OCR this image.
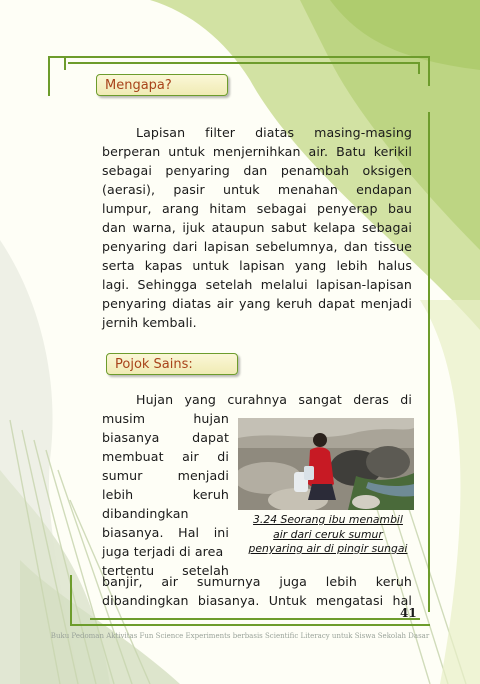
Mengapa?
Lapisan filter diatas masing-masing
berperan untuk menjernihkan air. Batu kerikil
sebagai penyaring dan penambah oksigen
(aerasi), pasir untuk menahan endapan
lumpur, arang hitam sebagai penyerap bau
dan warna, ijuk ataupun sabut kelapa sebagai
penyaring dari lapisan sebelumnya, dan tissue
serta kapas untuk lapisan yang lebih halus
lagi. Sehingga setelah melalui lapisan-lapisan
penyaring diatas air yang keruh dapat menjadi
jernih kembali.
Pojok Sains:
Hujan yang curahnya sangat deras di
musim hujan
biasanya dapat
membuat air di
sumur menjadi
lebih keruh
dibandingkan
biasanya. Hal ini
juga terjadi di area
tertentu setelah
3.24 Seorang ibu menambil
air dari ceruk sumur
penyaring air di pingir sungai
banjir, air sumurnya juga lebih keruh
dibandingkan biasanya. Untuk mengatasi hal
41
Buku Pedoman Aktivitas Fun Science Experiments berbasis Scientific Literacy untuk Siswa Sekolah Dasar
